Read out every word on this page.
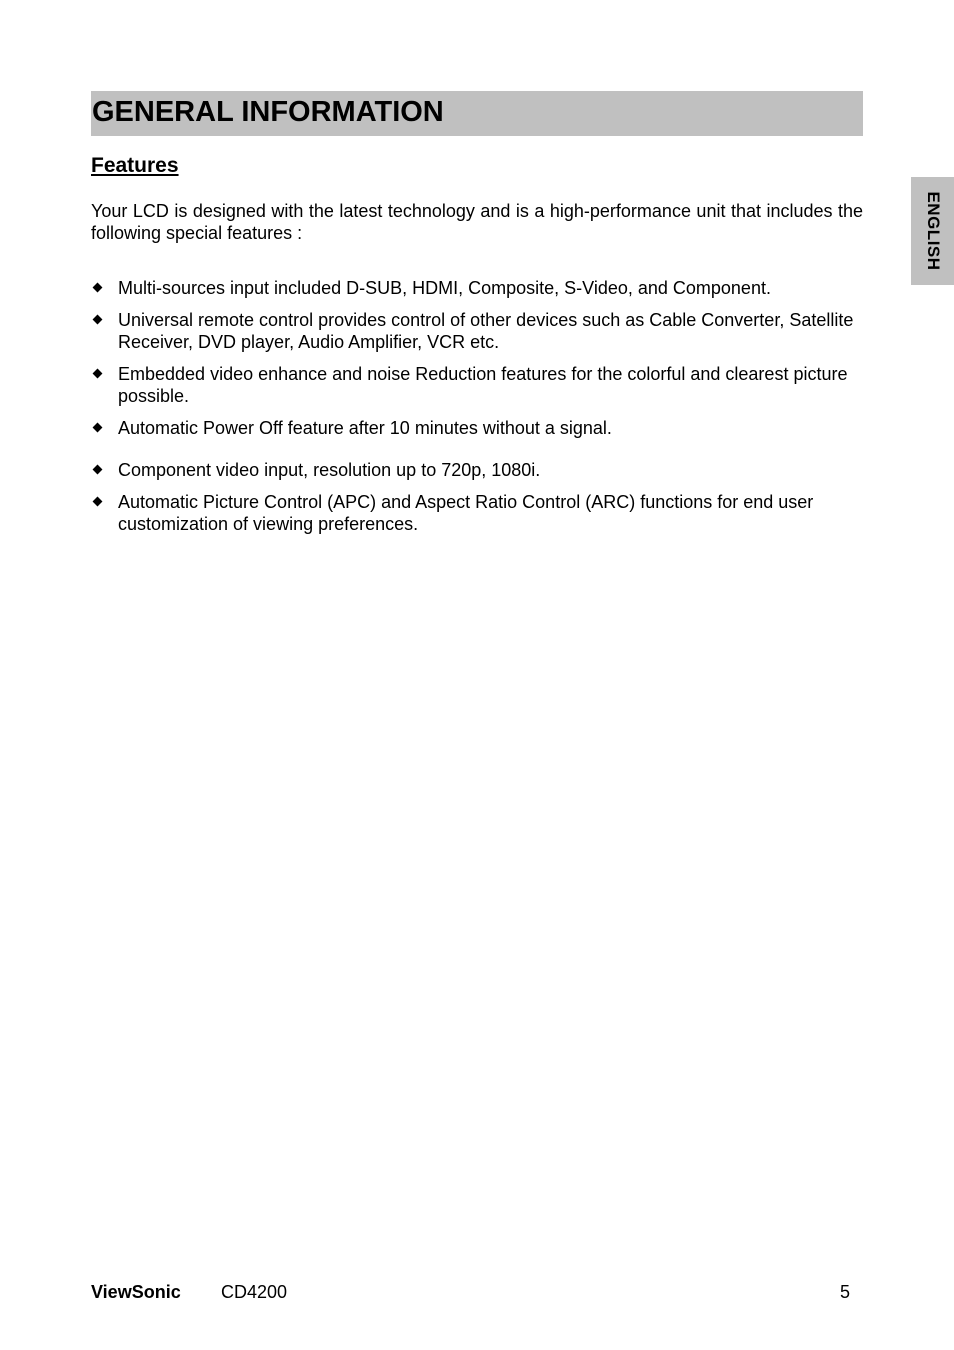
GENERAL INFORMATION
ENGLISH
Features

Your LCD is designed with the latest technology and is a high-performance unit that includes the following special features :

Multi-sources input included D-SUB, HDMI, Composite, S-Video, and Component.
Universal remote control provides control of other devices such as Cable Converter, Satellite Receiver, DVD player, Audio Amplifier, VCR etc.
Embedded video enhance and noise Reduction features for the colorful and clearest picture possible.
Automatic Power Off feature after 10 minutes without a signal.
Component video input, resolution up to 720p, 1080i.
Automatic Picture Control (APC) and Aspect Ratio Control (ARC) functions for end user customization of viewing preferences.
ViewSonic CD4200	5
